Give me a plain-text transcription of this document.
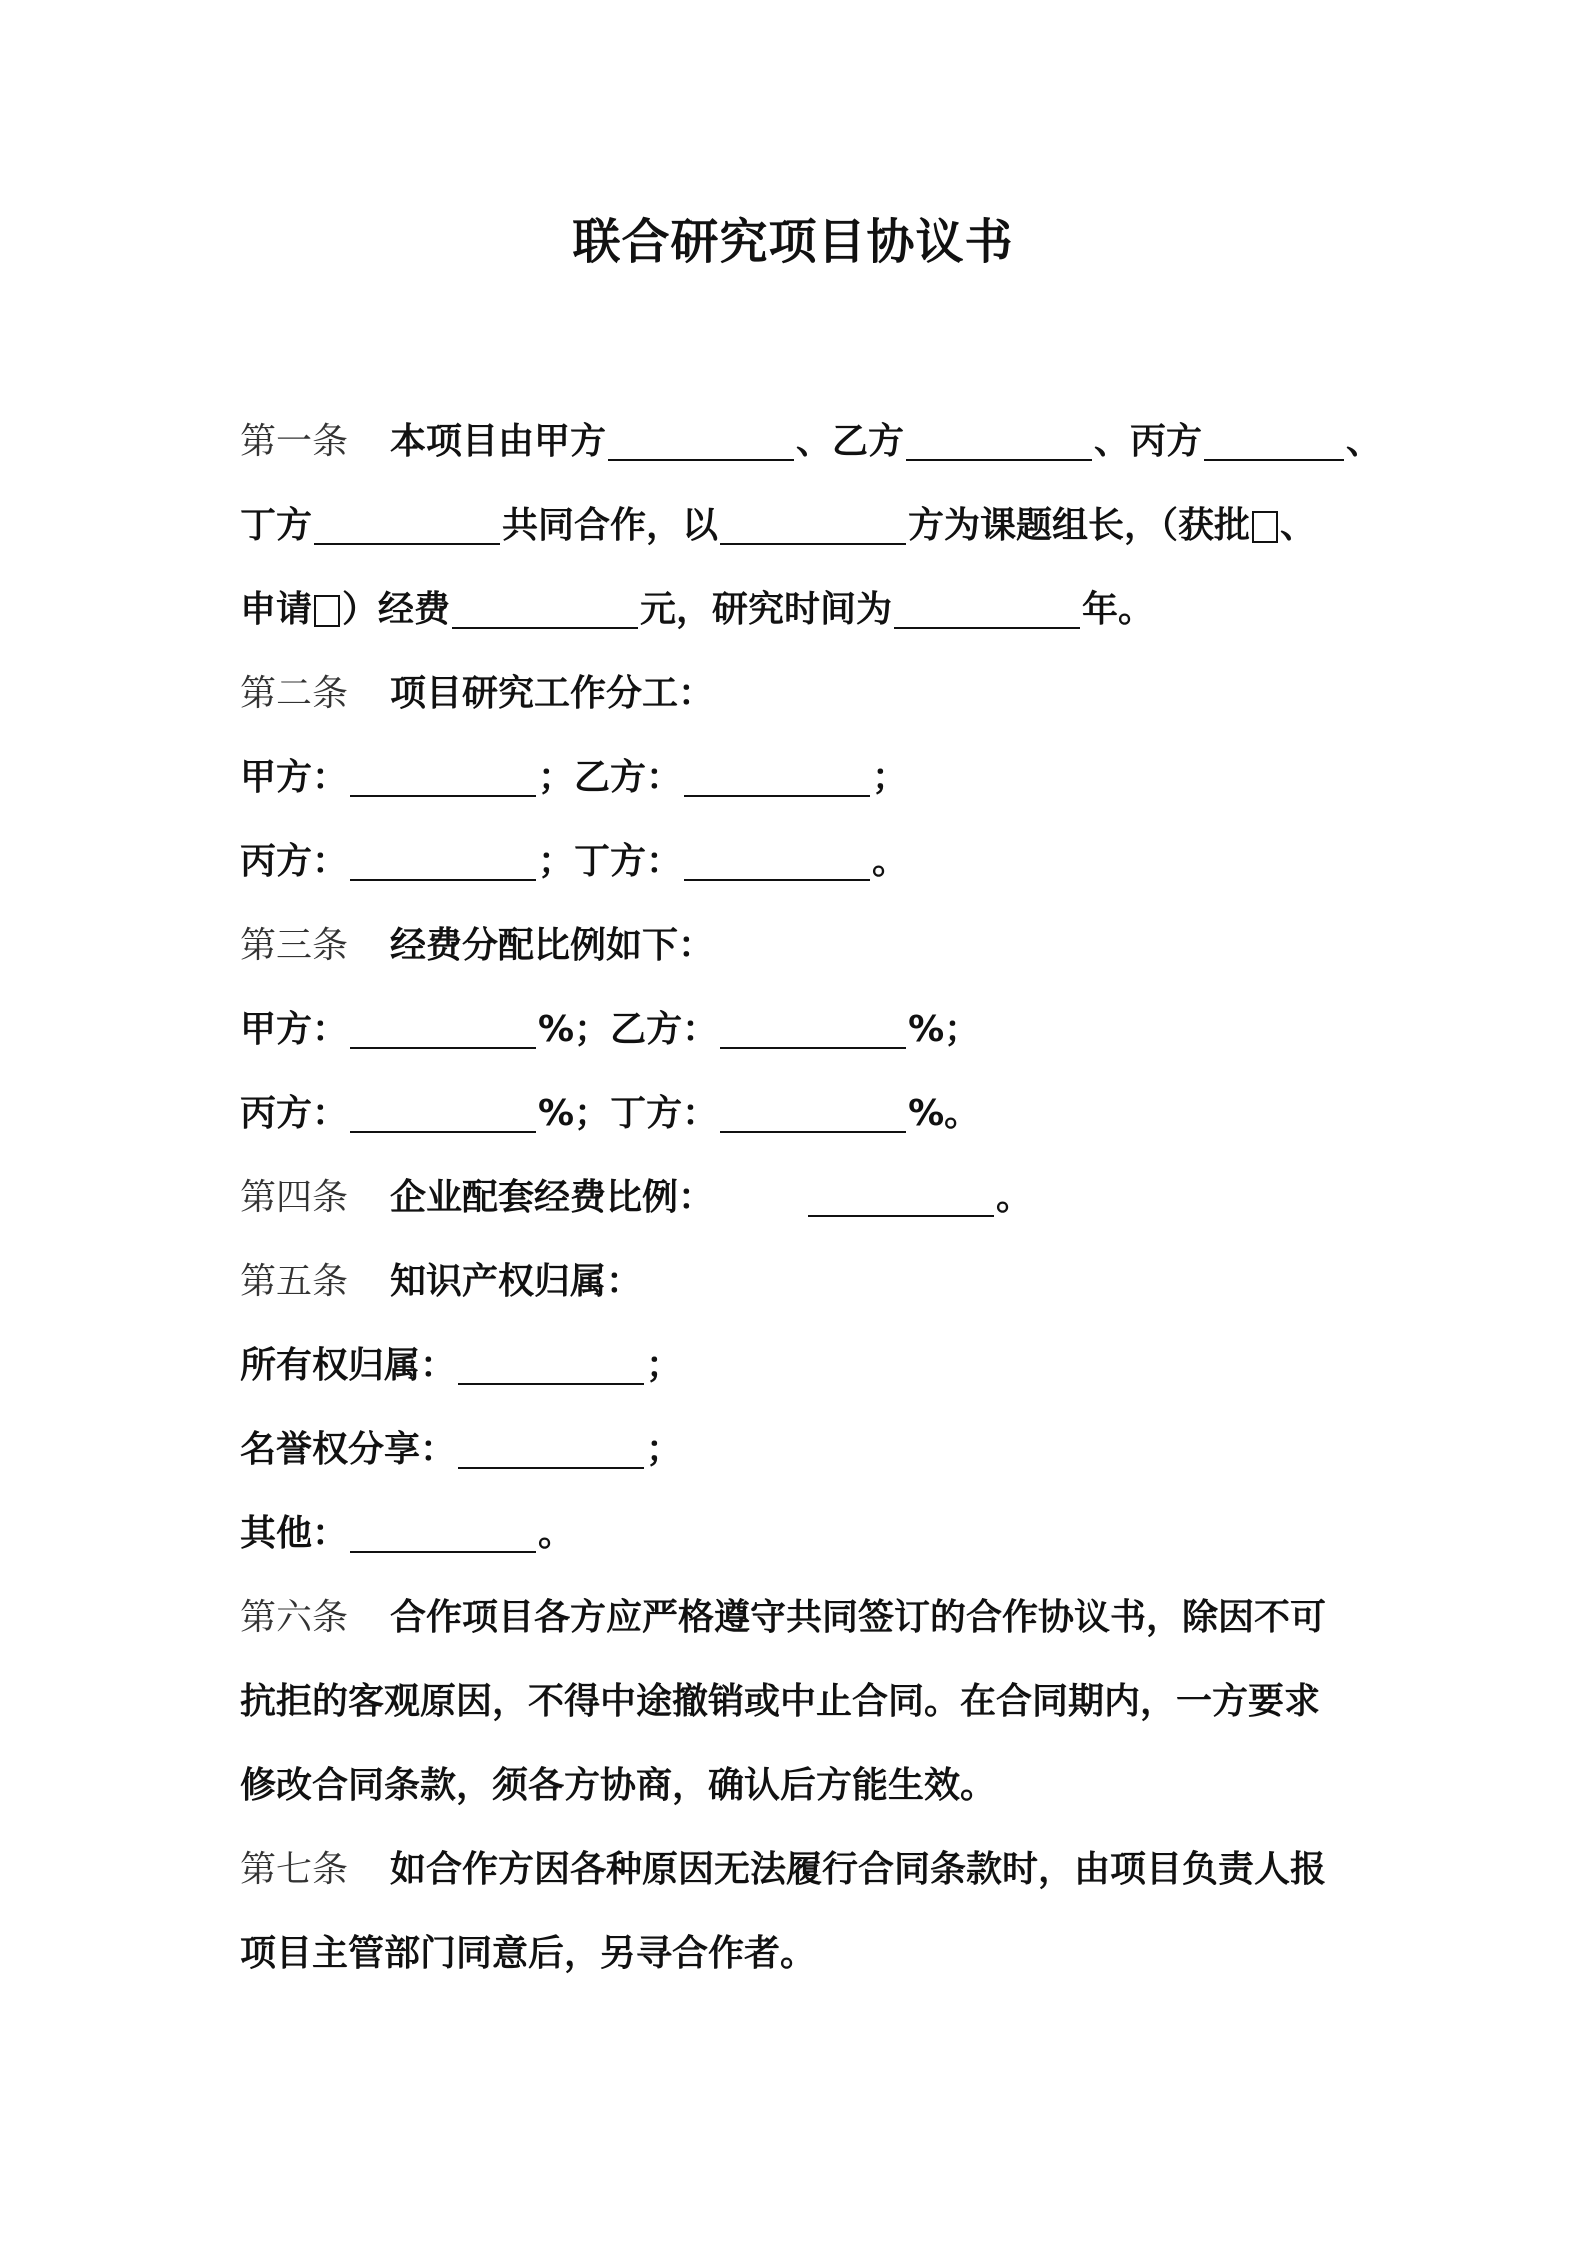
联合研究项目协议书
第一条 本项目由甲方	、乙方	、丙方	、
丁方	共同合作，以	方为课题组长，（获批 、
申请 ）经费	元，研究时间为	年。
第二条 项目研究工作分工：
甲方：	；乙方：	；
丙方：	；丁方：	。
第三条 经费分配比例如下：
甲方：	%；乙方：	%；
丙方：	%；丁方：	%。
第四条 企业配套经费比例：	。
第五条 知识产权归属：
所有权归属：	；
名誉权分享：	；
其他：	。
第六条 合作项目各方应严格遵守共同签订的合作协议书，除因不可
抗拒的客观原因，不得中途撤销或中止合同。在合同期内，一方要求
修改合同条款，须各方协商，确认后方能生效。
第七条 如合作方因各种原因无法履行合同条款时，由项目负责人报
项目主管部门同意后，另寻合作者。
